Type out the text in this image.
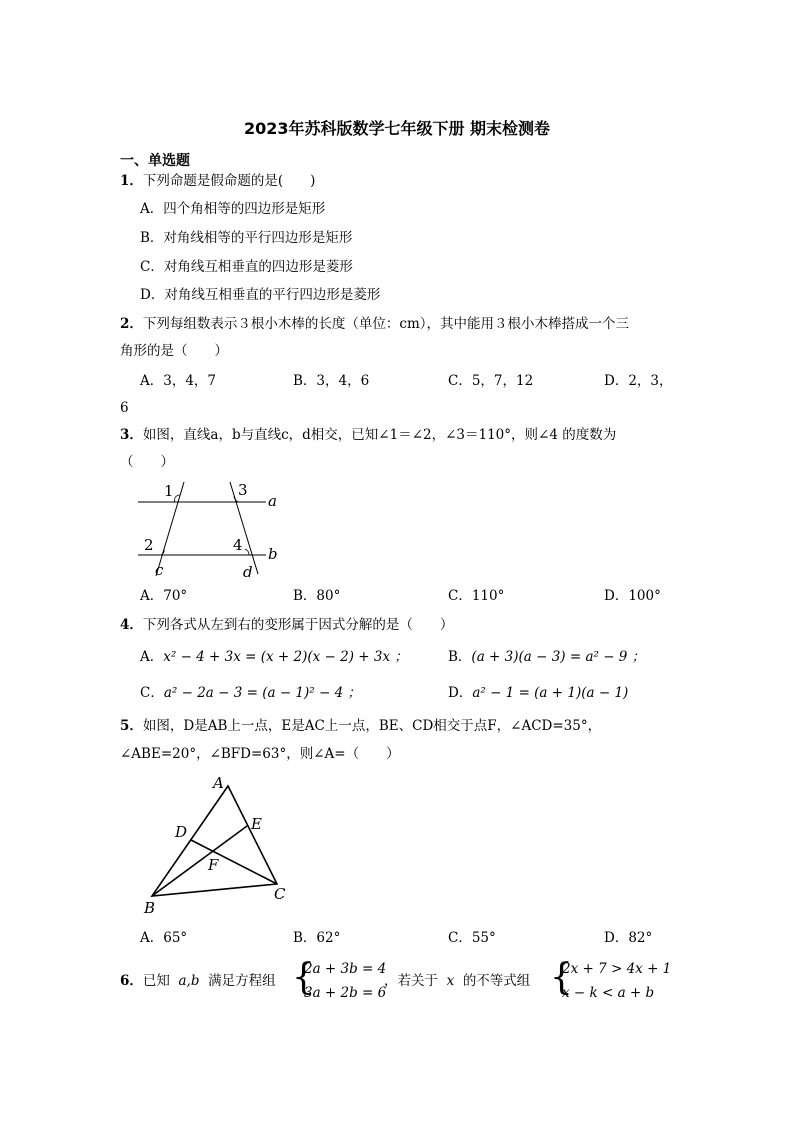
2023年苏科版数学七年级下册 期末检测卷
一、单选题
1．下列命题是假命题的是(　　)
A．四个角相等的四边形是矩形
B．对角线相等的平行四边形是矩形
C．对角线互相垂直的四边形是菱形
D．对角线互相垂直的平行四边形是菱形
2．下列每组数表示３根小木棒的长度（单位：cm），其中能用３根小木棒搭成一个三
角形的是（　　）
A．3，4，7	B．3，4，6	C．5，7，12	D．2，3，
6
3．如图，直线a，b与直线c，d相交，已知∠1＝∠2，∠3＝110°，则∠4 的度数为
（　　）
1	3
a
2	4 b
c	d
A．70°	B．80°	C．110°	D．100°
4．下列各式从左到右的变形属于因式分解的是（　　）
A．x² − 4 + 3x = (x + 2)(x − 2) + 3x ；	B．(a + 3)(a − 3) = a² − 9 ；
C．a² − 2a − 3 = (a − 1)² − 4 ；	D．a² − 1 = (a + 1)(a − 1)
5．如图，D是AB上一点，E是AC上一点，BE、CD相交于点F，∠ACD=35°，
∠ABE=20°，∠BFD=63°，则∠A=（　　）
A
D	E
F
B
C
A．65°	B．62°	C．55°	D．82°
6．已知 a,b 满足方程组 {
2a + 3b = 4
3a + 2b = 6
，若关于 x 的不等式组 {
2x + 7 > 4x + 1
x − k < a + b
